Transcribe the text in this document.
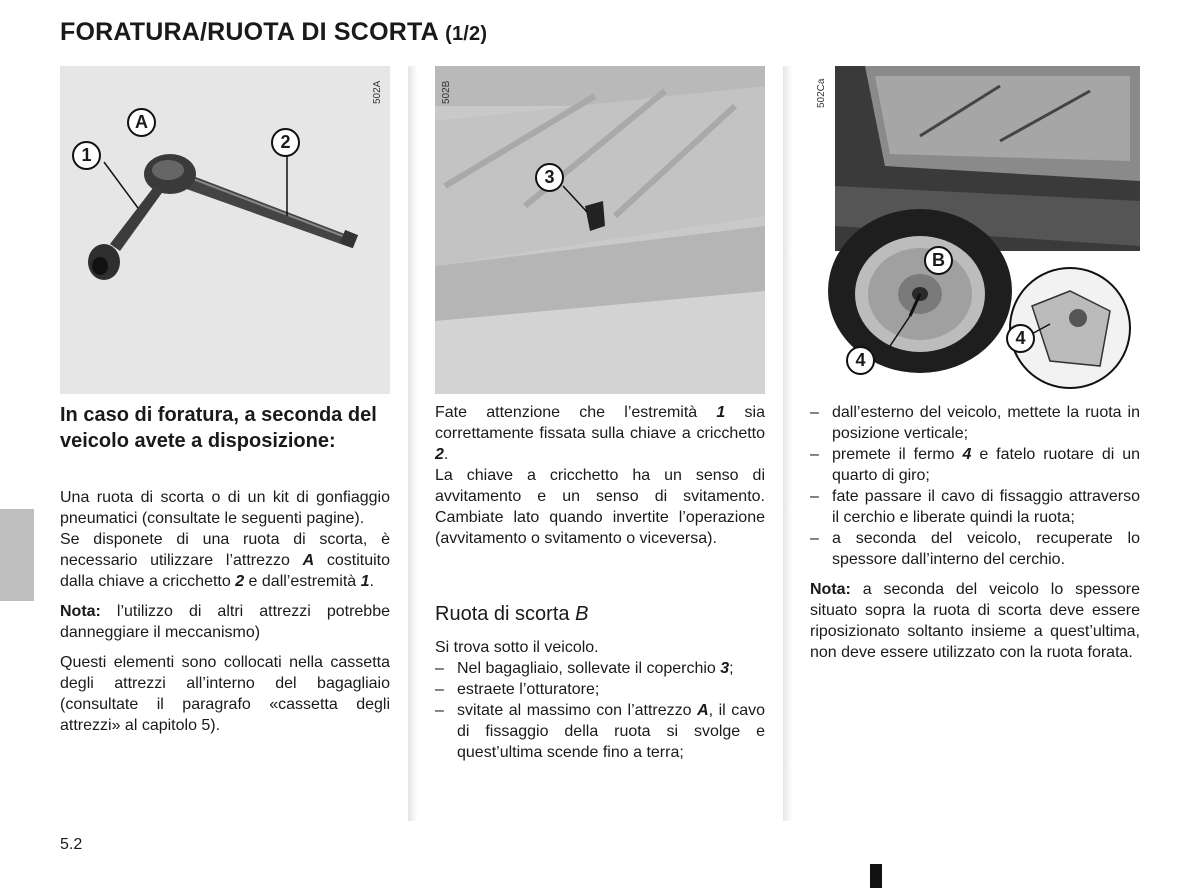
FORATURA/RUOTA DI SCORTA (1/2)
502A
A
1
2
502B
3
502Ca
B
4
4
In caso di foratura, a seconda del veicolo avete a disposizione:

Una ruota di scorta o di un kit di gonfiaggio pneumatici (consultate le seguenti pagine).

Se disponete di una ruota di scorta, è necessario utilizzare l’attrezzo A costituito dalla chiave a cricchetto 2 e dall’estremità 1.

Nota: l’utilizzo di altri attrezzi potrebbe danneggiare il meccanismo)

Questi elementi sono collocati nella cassetta degli attrezzi all’interno del bagagliaio (consultate il paragrafo «cassetta degli attrezzi» al capitolo 5).

Fate attenzione che l’estremità 1 sia correttamente fissata sulla chiave a cricchetto 2.

La chiave a cricchetto ha un senso di avvitamento e un senso di svitamento. Cambiate lato quando invertite l’operazione (avvitamento o svitamento o viceversa).

Ruota di scorta B

Si trova sotto il veicolo.

– Nel bagagliaio, sollevate il coperchio 3;
– estraete l’otturatore;
– svitate al massimo con l’attrezzo A, il cavo di fissaggio della ruota si svolge e quest’ultima scende fino a terra;
– dall’esterno del veicolo, mettete la ruota in posizione verticale;
– premete il fermo 4 e fatelo ruotare di un quarto di giro;
– fate passare il cavo di fissaggio attraverso il cerchio e liberate quindi la ruota;
– a seconda del veicolo, recuperate lo spessore dall’interno del cerchio.

Nota: a seconda del veicolo lo spessore situato sopra la ruota di scorta deve essere riposizionato soltanto insieme a quest’ultima, non deve essere utilizzato con la ruota forata.

5.2
